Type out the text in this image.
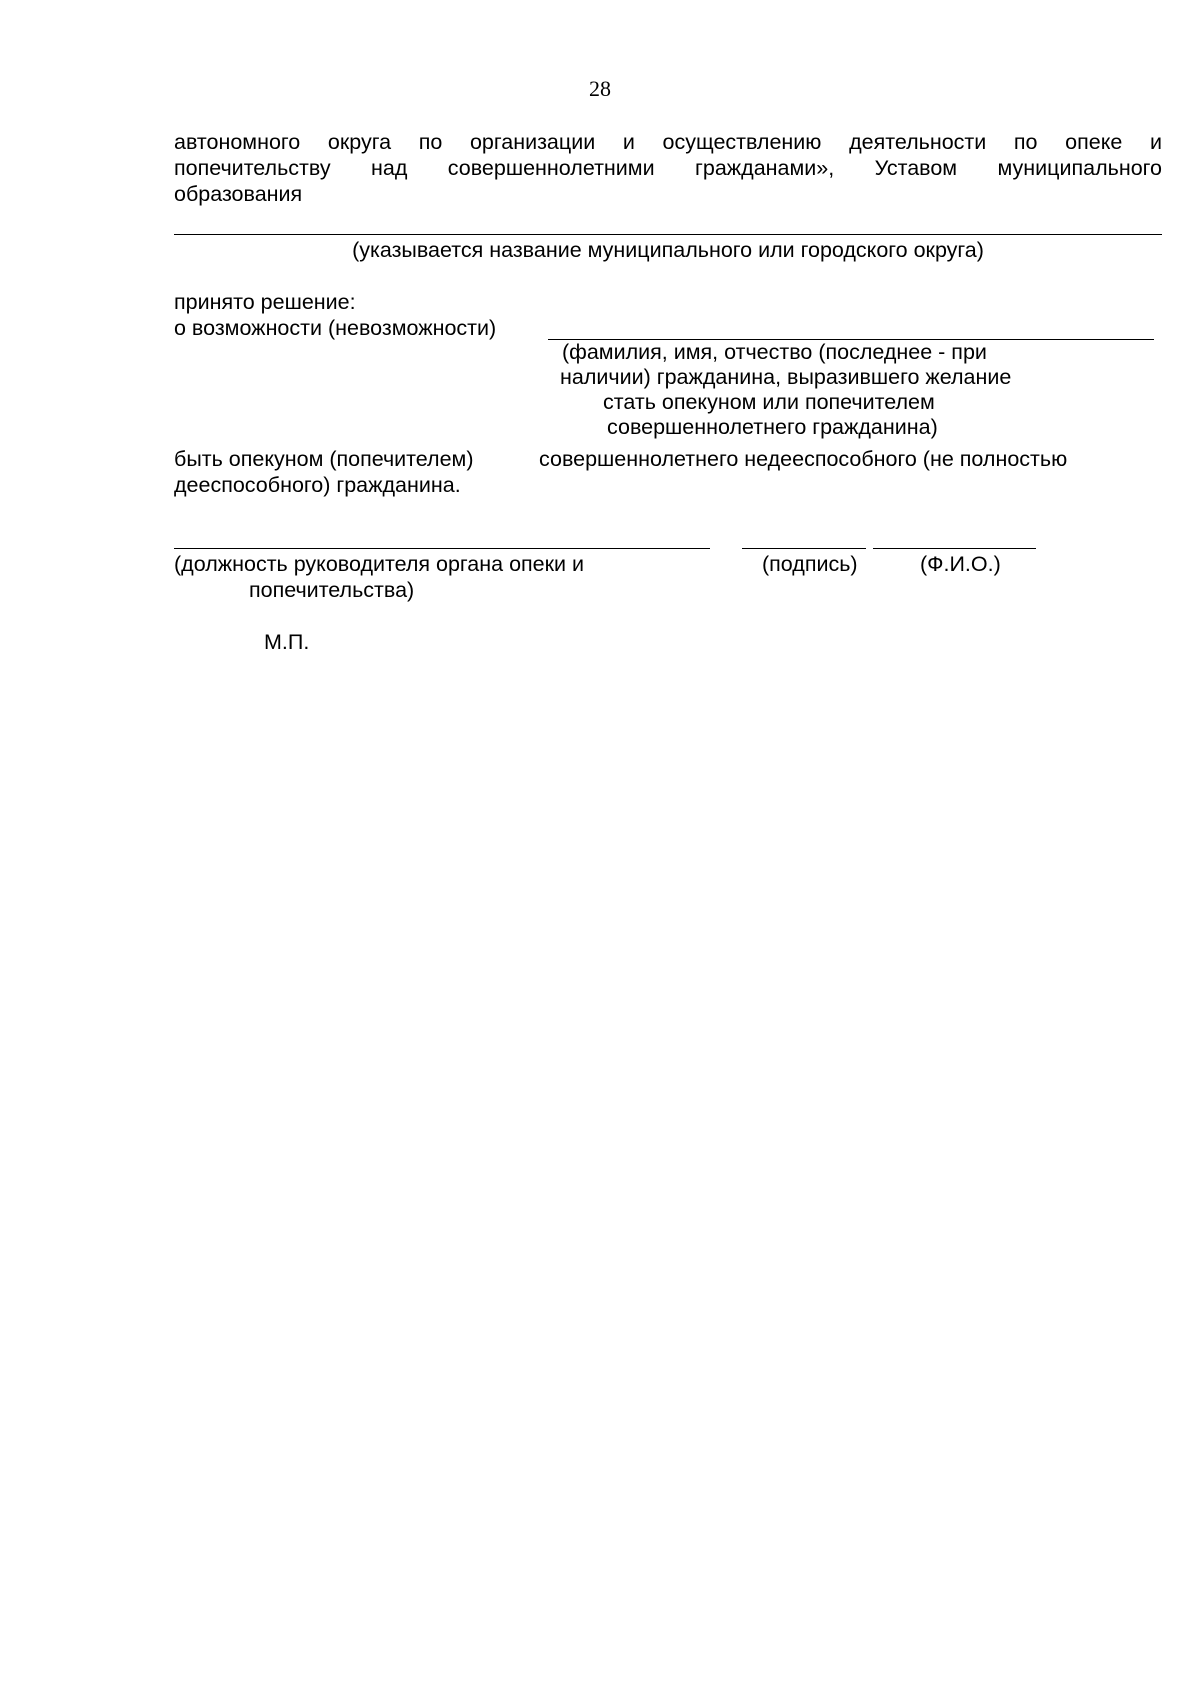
28
автономного округа по организации и осуществлению деятельности по опеке и
попечительству над совершеннолетними гражданами», Уставом муниципального
образования
(указывается название муниципального или городского округа)
принято решение:
о возможности (невозможности)
(фамилия, имя, отчество (последнее - при
наличии) гражданина, выразившего желание
стать опекуном или попечителем
совершеннолетнего гражданина)
быть опекуном (попечителем)	совершеннолетнего недееспособного (не полностью
дееспособного) гражданина.
(должность руководителя органа опеки и
попечительства)
(подпись)	(Ф.И.О.)
М.П.
